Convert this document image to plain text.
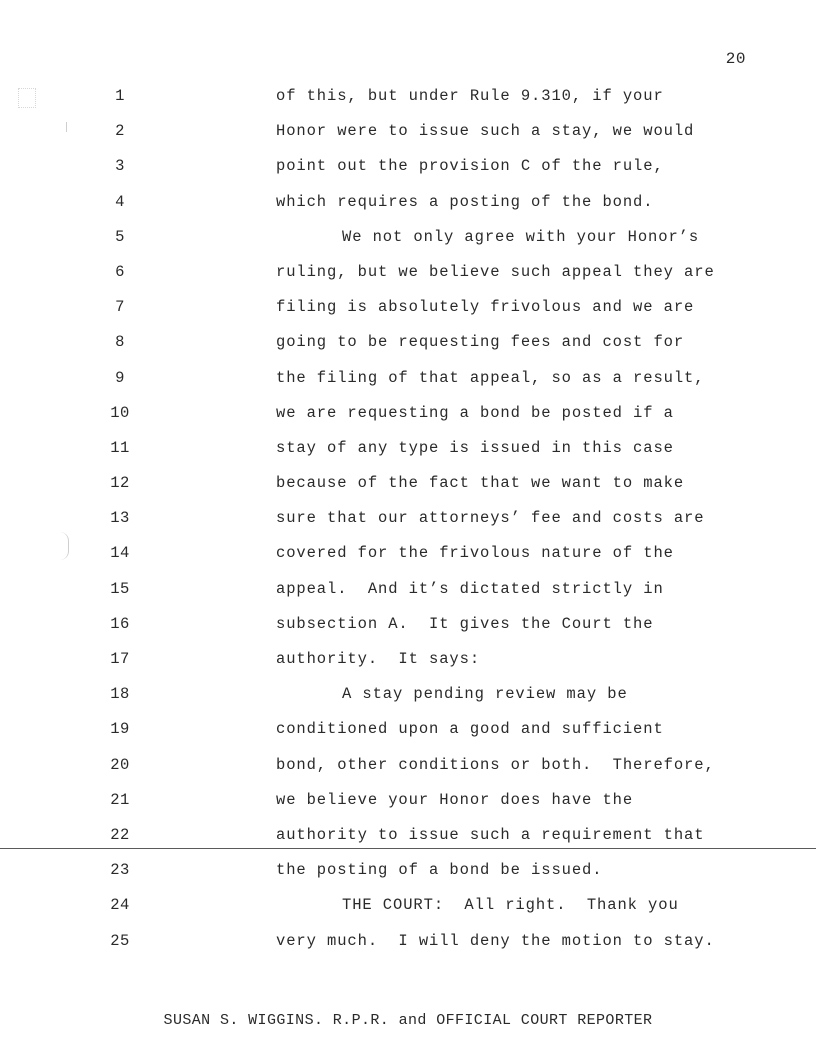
20
1	of this, but under Rule 9.310, if your
2	Honor were to issue such a stay, we would
3	point out the provision C of the rule,
4	which requires a posting of the bond.
5	We not only agree with your Honor’s
6	ruling, but we believe such appeal they are
7	filing is absolutely frivolous and we are
8	going to be requesting fees and cost for
9	the filing of that appeal, so as a result,
10	we are requesting a bond be posted if a
11	stay of any type is issued in this case
12	because of the fact that we want to make
13	sure that our attorneys’ fee and costs are
14	covered for the frivolous nature of the
15	appeal.  And it’s dictated strictly in
16	subsection A.  It gives the Court the
17	authority.  It says:
18	A stay pending review may be
19	conditioned upon a good and sufficient
20	bond, other conditions or both.  Therefore,
21	we believe your Honor does have the
22	authority to issue such a requirement that
23	the posting of a bond be issued.
24	THE COURT:  All right.  Thank you
25	very much.  I will deny the motion to stay.
SUSAN S. WIGGINS. R.P.R. and OFFICIAL COURT REPORTER
